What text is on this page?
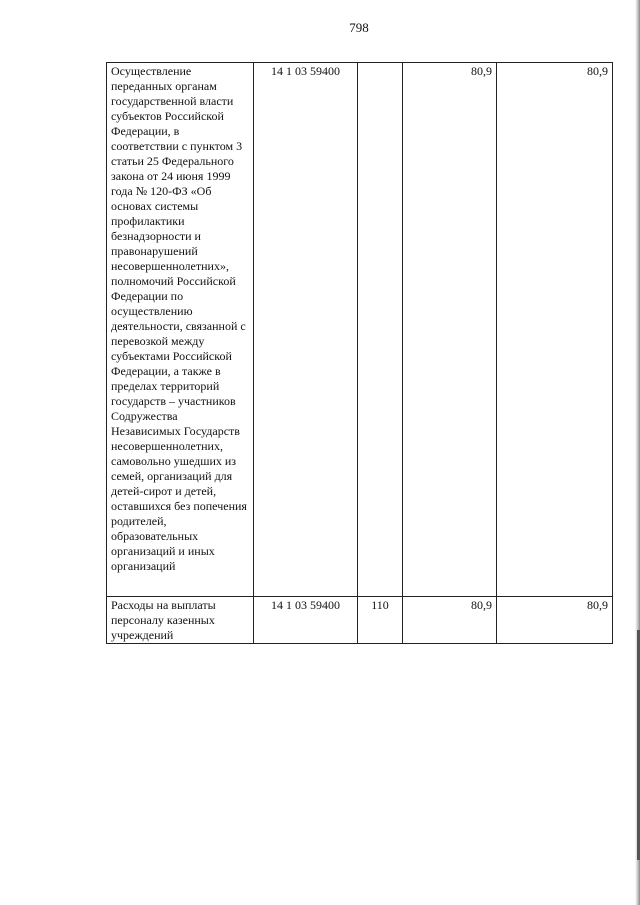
798
Осуществление переданных органам государственной власти субъектов Российской Федерации, в соответствии с пунктом 3 статьи 25 Федерального закона от 24 июня 1999 года № 120-ФЗ «Об основах системы профилактики безнадзорности и правонарушений несовершеннолетних», полномочий Российской Федерации по осуществлению деятельности, связанной с перевозкой между субъектами Российской Федерации, а также в пределах территорий государств – участников Содружества Независимых Государств несовершеннолетних, самовольно ушедших из семей, организаций для детей-сирот и детей, оставшихся без попечения родителей, образовательных организаций и иных организаций	14 1 03 59400		80,9	80,9
Расходы на выплаты персоналу казенных учреждений	14 1 03 59400	110	80,9	80,9
